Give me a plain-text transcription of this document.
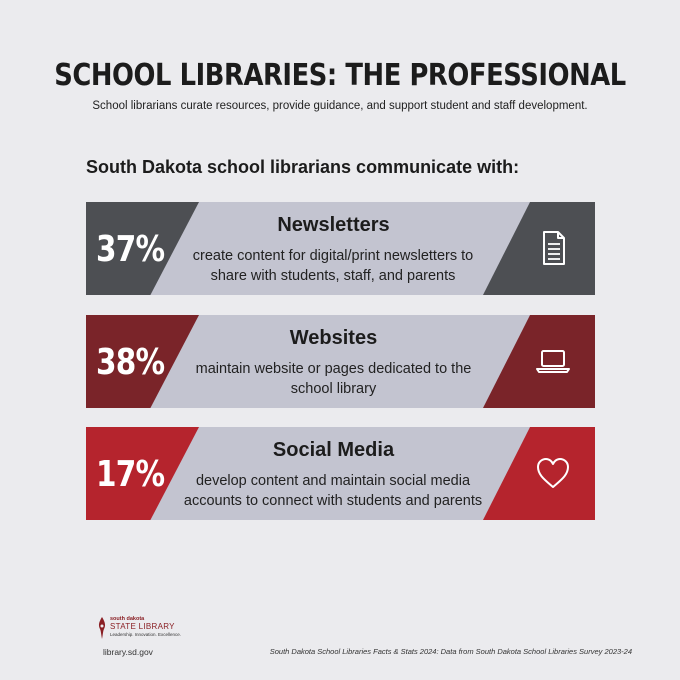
SCHOOL LIBRARIES: THE PROFESSIONAL
School librarians curate resources, provide guidance, and support student and staff development.
South Dakota school librarians communicate with:
37%
Newsletters
create content for digital/print newsletters to share with students, staff, and parents
38%
Websites
maintain website or pages dedicated to the school library
17%
Social Media
develop content and maintain social media accounts to connect with students and parents
south dakota
STATE LIBRARY
Leadership. Innovation. Excellence.
library.sd.gov	South Dakota School Libraries Facts & Stats 2024: Data from South Dakota School Libraries Survey 2023-24
